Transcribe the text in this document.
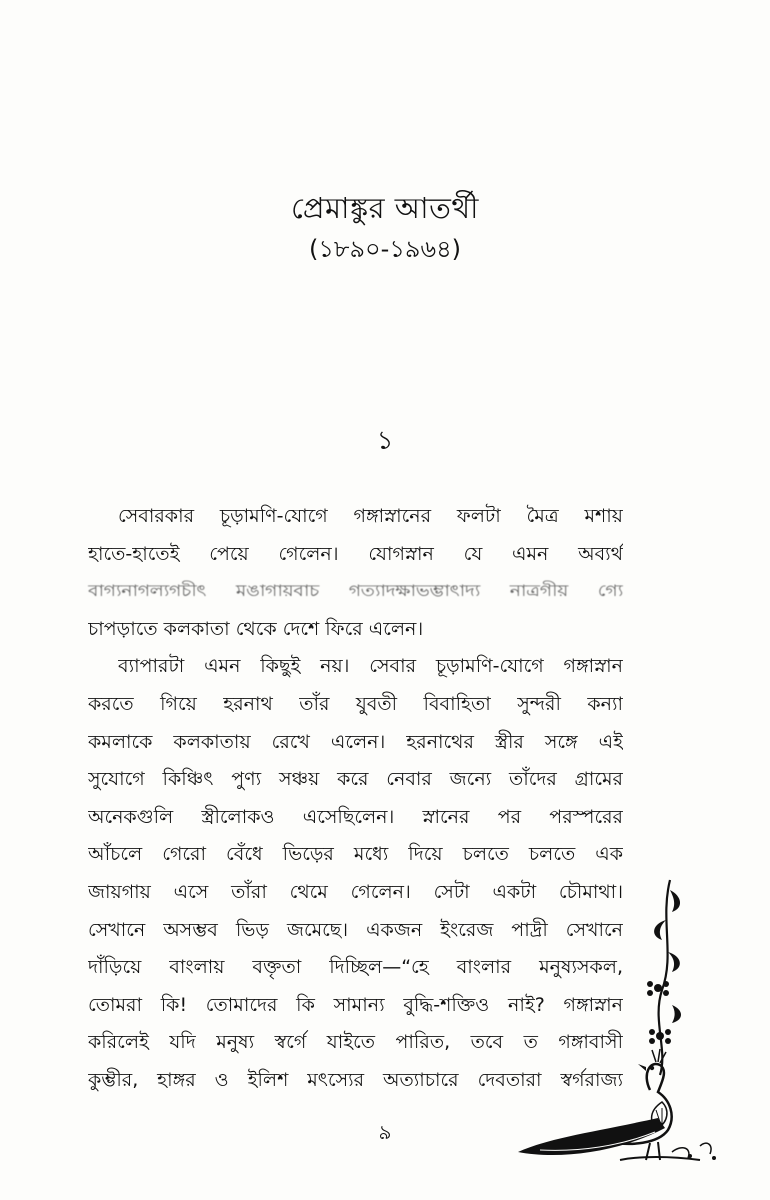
প্রেমাঙ্কুর আতর্থী
(১৮৯০-১৯৬৪)
১
সেবারকার চূড়ামণি-যোগে গঙ্গাস্নানের ফলটা মৈত্র মশায়
হাতে-হাতেই পেয়ে গেলেন। যোগস্নান যে এমন অব্যর্থ
বাগ্যনাগল্যগচীৎ মঙাগায়বাচ গত্যাদক্ষাভম্ভাৎাদ্য নাত্রগীয় গ্যে
চাপড়াতে কলকাতা থেকে দেশে ফিরে এলেন।
ব্যাপারটা এমন কিছুই নয়। সেবার চূড়ামণি-যোগে গঙ্গাস্নান
করতে গিয়ে হরনাথ তাঁর যুবতী বিবাহিতা সুন্দরী কন্যা
কমলাকে কলকাতায় রেখে এলেন। হরনাথের স্ত্রীর সঙ্গে এই
সুযোগে কিঞ্চিৎ পুণ্য সঞ্চয় করে নেবার জন্যে তাঁদের গ্রামের
অনেকগুলি স্ত্রীলোকও এসেছিলেন। স্নানের পর পরস্পরের
আঁচলে গেরো বেঁধে ভিড়ের মধ্যে দিয়ে চলতে চলতে এক
জায়গায় এসে তাঁরা থেমে গেলেন। সেটা একটা চৌমাথা।
সেখানে অসম্ভব ভিড় জমেছে। একজন ইংরেজ পাদ্রী সেখানে
দাঁড়িয়ে বাংলায় বক্তৃতা দিচ্ছিল—“হে বাংলার মনুষ্যসকল,
তোমরা কি! তোমাদের কি সামান্য বুদ্ধি-শক্তিও নাই? গঙ্গাস্নান
করিলেই যদি মনুষ্য স্বর্গে যাইতে পারিত, তবে ত গঙ্গাবাসী
কুম্ভীর, হাঙ্গর ও ইলিশ মৎস্যের অত্যাচারে দেবতারা স্বর্গরাজ্য
৯
